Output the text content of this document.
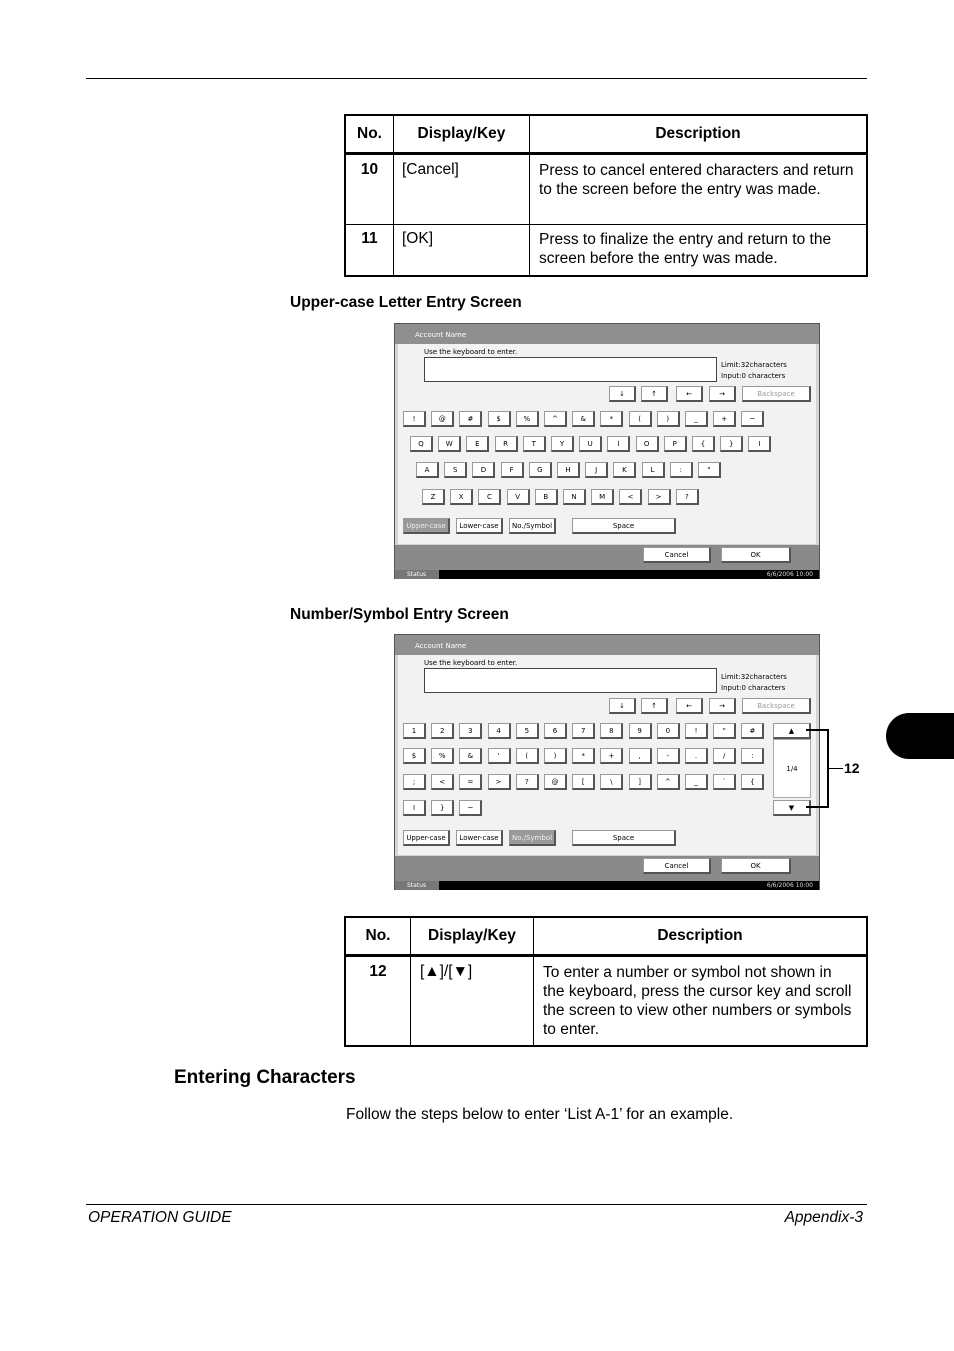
No.	Display/Key	Description
10	[Cancel]	Press to cancel entered characters and return to the screen before the entry was made.
11	[OK]	Press to finalize the entry and return to the screen before the entry was made.
Upper-case Letter Entry Screen
Account Name
Use the keyboard to enter.
Limit:32characters
Input:0 characters
↓	↑	←	→	Backspace
!	@	#	$	%	^	&	*	(	)	_	+	~
Q	W	E	R	T	Y	U	I	O	P	{	}	I
A	S	D	F	G	H	J	K	L	:	"
Z	X	C	V	B	N	M	<	>	?
Upper-case	Lower-case	No./Symbol	Space
Cancel	OK
Status	6/6/2006 10:00
Number/Symbol Entry Screen
Account Name
Use the keyboard to enter.
Limit:32characters
Input:0 characters
↓	↑	←	→	Backspace
1	2	3	4	5	6	7	8	9	0	!	"	#
$	%	&	'	(	)	*	+	,	-	.	/	:
;	<	=	>	?	@	[	\	]	^	_	`	{
I	}	~
▲
1/4
▼
Upper-case	Lower-case	No./Symbol	Space
Cancel	OK
Status	6/6/2006 10:00
12
No.	Display/Key	Description
12	[▲]/[▼]	To enter a number or symbol not shown in the keyboard, press the cursor key and scroll the screen to view other numbers or symbols to enter.
Entering Characters
Follow the steps below to enter ‘List A-1’ for an example.
OPERATION GUIDE	Appendix-3
